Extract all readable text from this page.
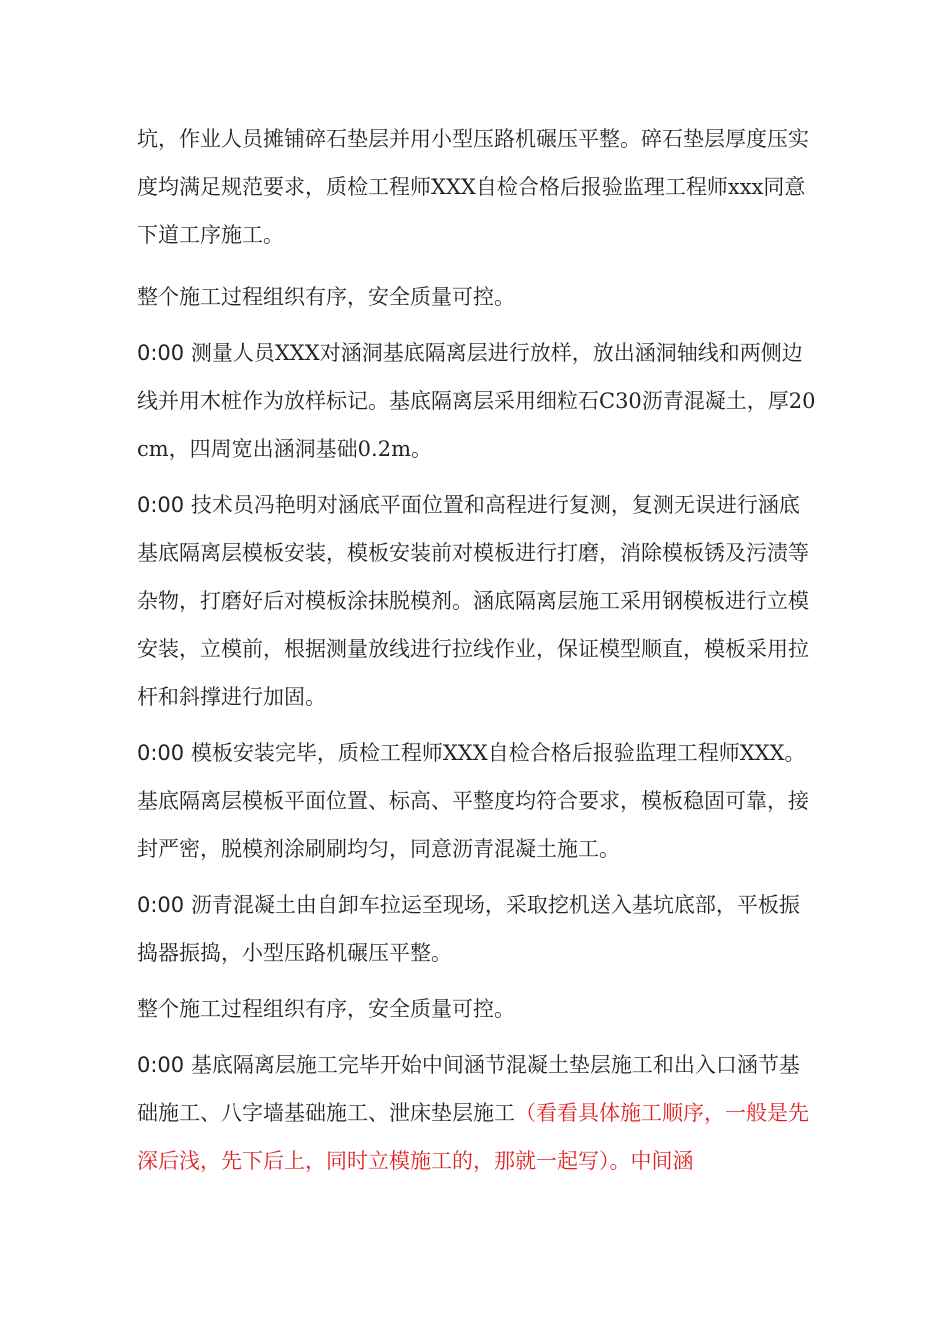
坑，作业人员摊铺碎石垫层并用小型压路机碾压平整。碎石垫层厚度压实度均满足规范要求，质检工程师XXX自检合格后报验监理工程师xxx同意下道工序施工。

整个施工过程组织有序，安全质量可控。

0:00 测量人员XXX对涵洞基底隔离层进行放样，放出涵洞轴线和两侧边线并用木桩作为放样标记。基底隔离层采用细粒石C30沥青混凝土，厚20cm，四周宽出涵洞基础0.2m。

0:00 技术员冯艳明对涵底平面位置和高程进行复测，复测无误进行涵底基底隔离层模板安装，模板安装前对模板进行打磨，消除模板锈及污渍等杂物，打磨好后对模板涂抹脱模剂。涵底隔离层施工采用钢模板进行立模安装，立模前，根据测量放线进行拉线作业，保证模型顺直，模板采用拉杆和斜撑进行加固。

0:00 模板安装完毕，质检工程师XXX自检合格后报验监理工程师XXX。基底隔离层模板平面位置、标高、平整度均符合要求，模板稳固可靠，接封严密，脱模剂涂刷刷均匀，同意沥青混凝土施工。

0:00 沥青混凝土由自卸车拉运至现场，采取挖机送入基坑底部，平板振捣器振捣，小型压路机碾压平整。

整个施工过程组织有序，安全质量可控。

0:00 基底隔离层施工完毕开始中间涵节混凝土垫层施工和出入口涵节基础施工、八字墙基础施工、泄床垫层施工（看看具体施工顺序，一般是先深后浅，先下后上，同时立模施工的，那就一起写）。中间涵
